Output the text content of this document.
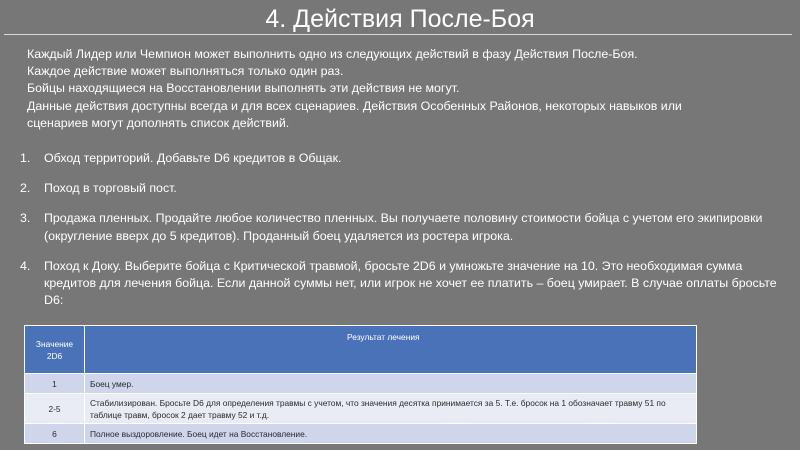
4. Действия После-Боя
Каждый Лидер или Чемпион может выполнить одно из следующих действий в фазу Действия После-Боя.
Каждое действие может выполняться только один раз.
Бойцы находящиеся на Восстановлении выполнять эти действия не могут.
Данные действия доступны всегда и для всех сценариев. Действия Особенных Районов, некоторых навыков или
сценариев могут дополнять список действий.
1. Обход территорий. Добавьте D6 кредитов в Общак.
2. Поход в торговый пост.
3. Продажа пленных. Продайте любое количество пленных. Вы получаете половину стоимости бойца с учетом его экипировки (округление вверх до 5 кредитов). Проданный боец удаляется из ростера игрока.
4. Поход к Доку. Выберите бойца с Критической травмой, бросьте 2D6 и умножьте значение на 10. Это необходимая сумма кредитов для лечения бойца. Если данной суммы нет, или игрок не хочет ее платить – боец умирает. В случае оплаты бросьте D6:
Значение 2D6	Результат лечения
1	Боец умер.
2-5	Стабилизирован. Бросьте D6 для определения травмы с учетом, что значения десятка принимается за 5. Т.е. бросок на 1 обозначает травму 51 по таблице травм, бросок 2 дает травму 52 и т.д.
6	Полное выздоровление. Боец идет на Восстановление.
